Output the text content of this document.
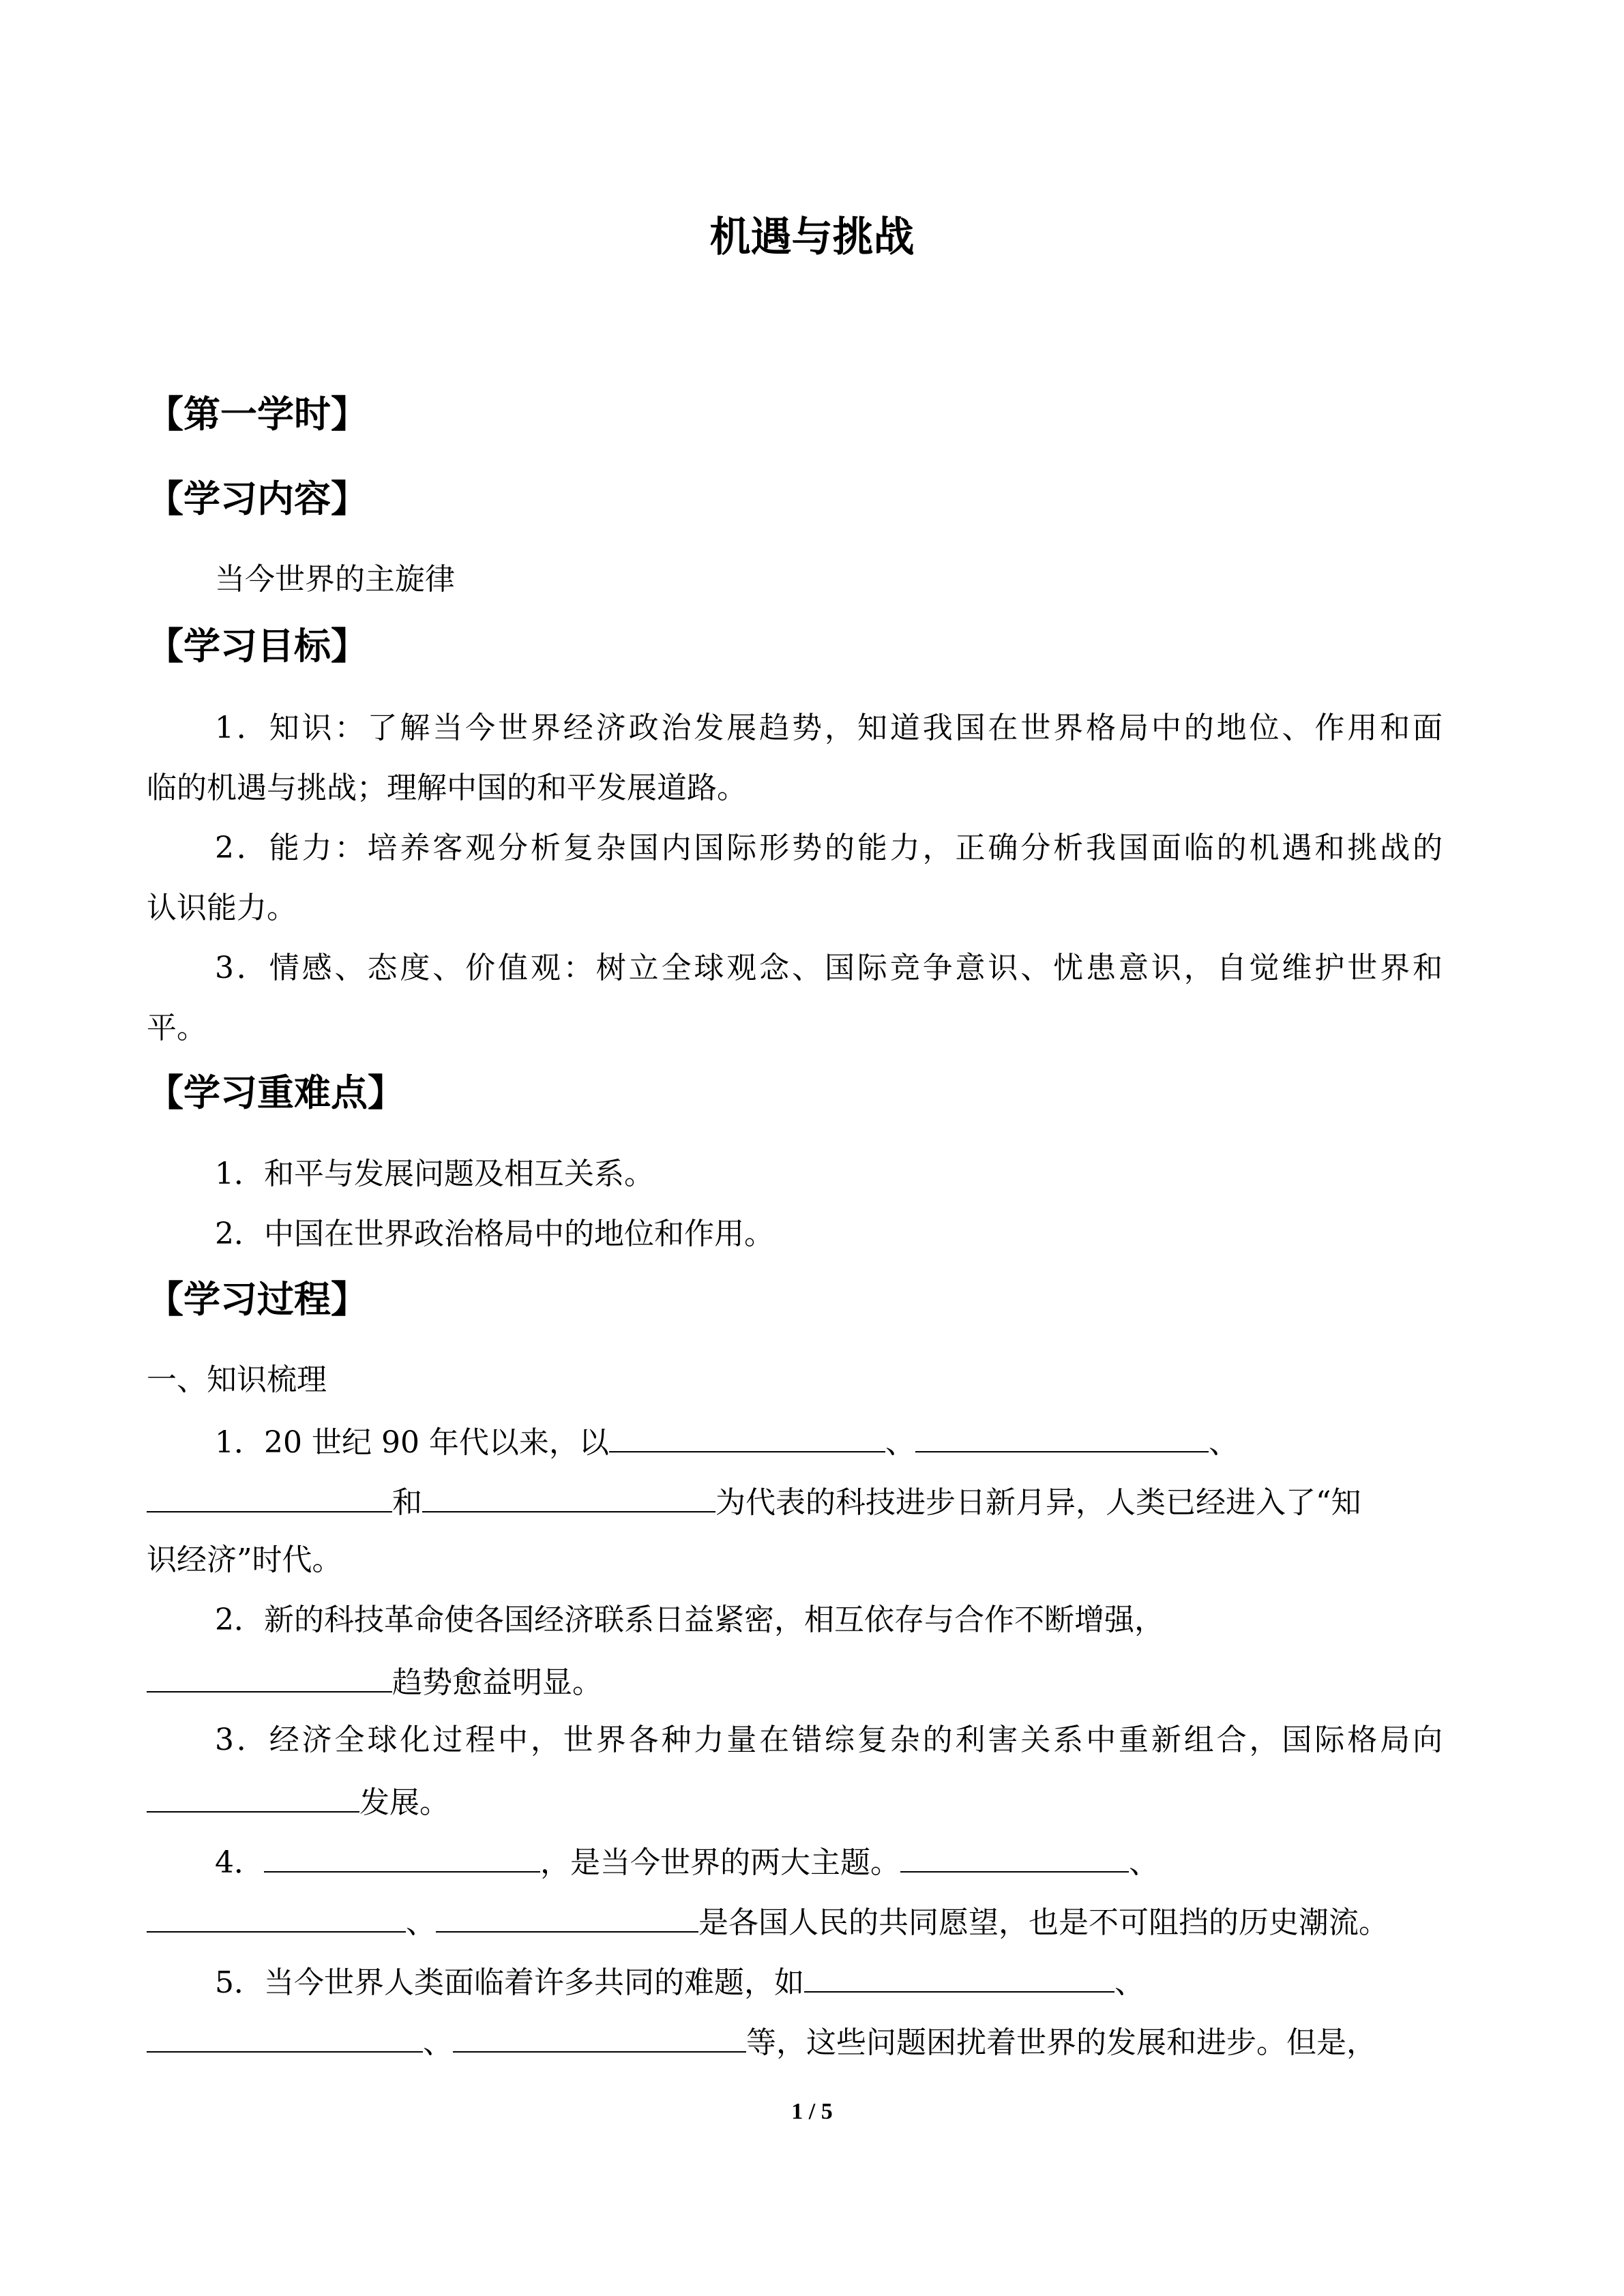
机遇与挑战
【第一学时】
【学习内容】
当今世界的主旋律
【学习目标】
1．知识：了解当今世界经济政治发展趋势，知道我国在世界格局中的地位、作用和面
临的机遇与挑战；理解中国的和平发展道路。
2．能力：培养客观分析复杂国内国际形势的能力，正确分析我国面临的机遇和挑战的
认识能力。
3．情感、态度、价值观：树立全球观念、国际竞争意识、忧患意识，自觉维护世界和
平。
【学习重难点】
1．和平与发展问题及相互关系。
2．中国在世界政治格局中的地位和作用。
【学习过程】
一、知识梳理
1．20 世纪 90 年代以来，以	、	、
和	为代表的科技进步日新月异，人类已经进入了“知
识经济”时代。
2．新的科技革命使各国经济联系日益紧密，相互依存与合作不断增强，
趋势愈益明显。
3．经济全球化过程中，世界各种力量在错综复杂的利害关系中重新组合，国际格局向
发展。
4．	，是当今世界的两大主题。	、
、	是各国人民的共同愿望，也是不可阻挡的历史潮流。
5．当今世界人类面临着许多共同的难题，如	、
、	等，这些问题困扰着世界的发展和进步。但是，
1 / 5
